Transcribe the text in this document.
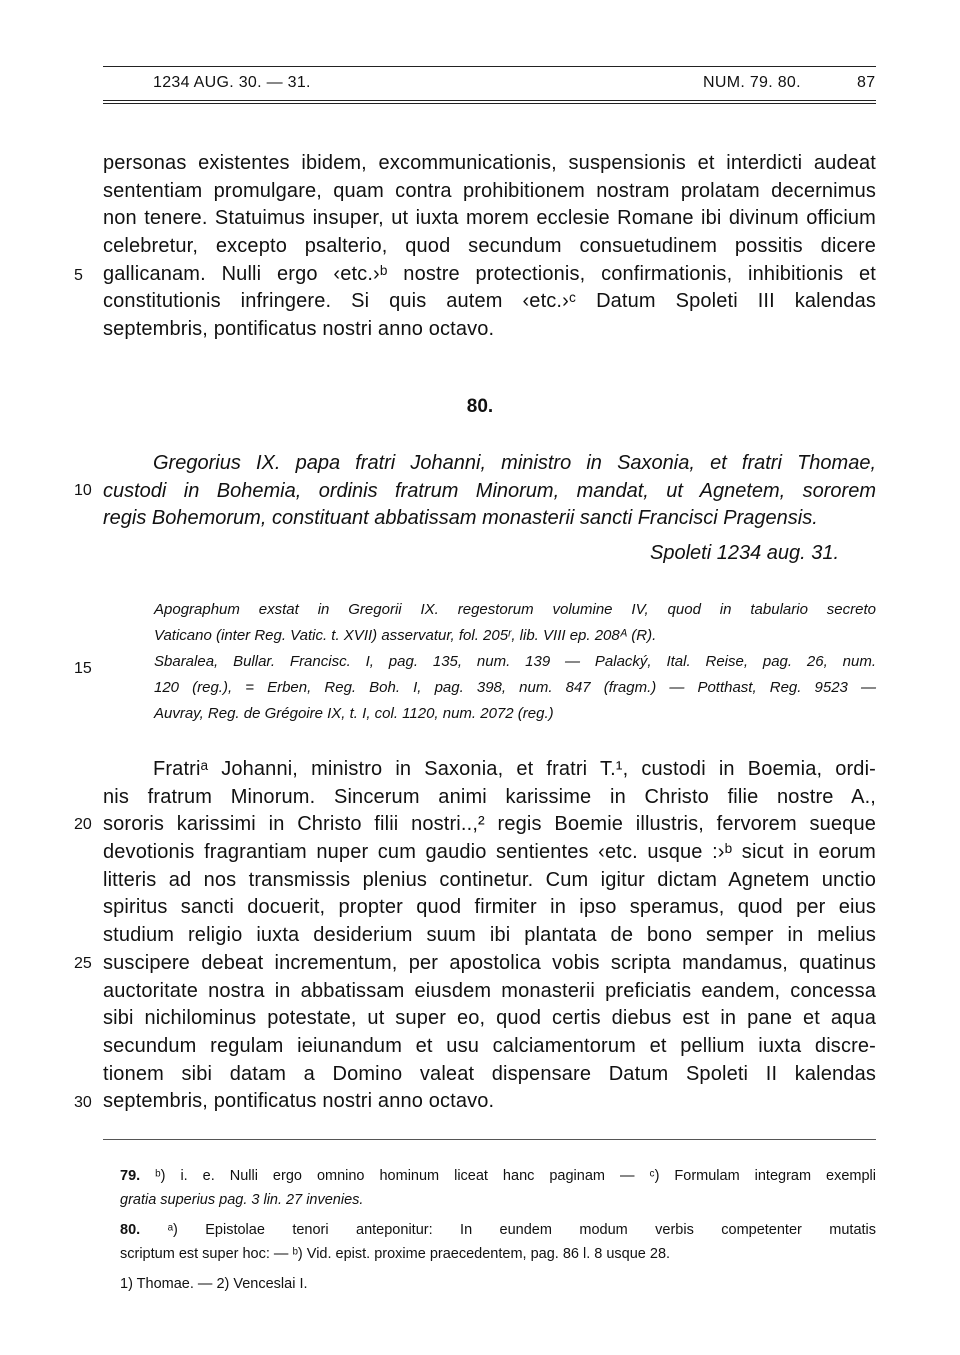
1234 AUG. 30. — 31.	NUM. 79. 80.	87
personas existentes ibidem, excommunicationis, suspensionis et interdicti audeat
sententiam promulgare, quam contra prohibitionem nostram prolatam decernimus
non tenere. Statuimus insuper, ut iuxta morem ecclesie Romane ibi divinum officium
celebretur, excepto psalterio, quod secundum consuetudinem possitis dicere
gallicanam. Nulli ergo ‹etc.›ᵇ nostre protectionis, confirmationis, inhibitionis et
constitutionis infringere. Si quis autem ‹etc.›ᶜ Datum Spoleti III kalendas
septembris, pontificatus nostri anno octavo.
5
10
15
20
25
30
80.
Gregorius IX. papa fratri Johanni, ministro in Saxonia, et fratri Thomae,
custodi in Bohemia, ordinis fratrum Minorum, mandat, ut Agnetem, sororem
regis Bohemorum, constituant abbatissam monasterii sancti Francisci Pragensis.
Spoleti 1234 aug. 31.
Apographum exstat in Gregorii IX. regestorum volumine IV, quod in tabulario secreto
Vaticano (inter Reg. Vatic. t. XVII) asservatur, fol. 205ʳ, lib. VIII ep. 208ᴬ (R).
Sbaralea, Bullar. Francisc. I, pag. 135, num. 139 — Palacký, Ital. Reise, pag. 26, num.
120 (reg.), = Erben, Reg. Boh. I, pag. 398, num. 847 (fragm.) — Potthast, Reg. 9523 —
Auvray, Reg. de Grégoire IX, t. I, col. 1120, num. 2072 (reg.)
Fratriᵃ Johanni, ministro in Saxonia, et fratri T.¹, custodi in Boemia, ordi-
nis fratrum Minorum. Sincerum animi karissime in Christo filie nostre A.,
sororis karissimi in Christo filii nostri..,² regis Boemie illustris, fervorem sueque
devotionis fragrantiam nuper cum gaudio sentientes ‹etc. usque :›ᵇ sicut in eorum
litteris ad nos transmissis plenius continetur. Cum igitur dictam Agnetem unctio
spiritus sancti docuerit, propter quod firmiter in ipso speramus, quod per eius
studium religio iuxta desiderium suum ibi plantata de bono semper in melius
suscipere debeat incrementum, per apostolica vobis scripta mandamus, quatinus
auctoritate nostra in abbatissam eiusdem monasterii preficiatis eandem, concessa
sibi nichilominus potestate, ut super eo, quod certis diebus est in pane et aqua
secundum regulam ieiunandum et usu calciamentorum et pellium iuxta discre-
tionem sibi datam a Domino valeat dispensare Datum Spoleti II kalendas
septembris, pontificatus nostri anno octavo.
79. ᵇ) i. e. Nulli ergo omnino hominum liceat hanc paginam — ᶜ) Formulam integram exempli
gratia superius pag. 3 lin. 27 invenies.
80. ᵃ) Epistolae tenori anteponitur: In eundem modum verbis competenter mutatis
scriptum est super hoc: — ᵇ) Vid. epist. proxime praecedentem, pag. 86 l. 8 usque 28.
1) Thomae. — 2) Venceslai I.
